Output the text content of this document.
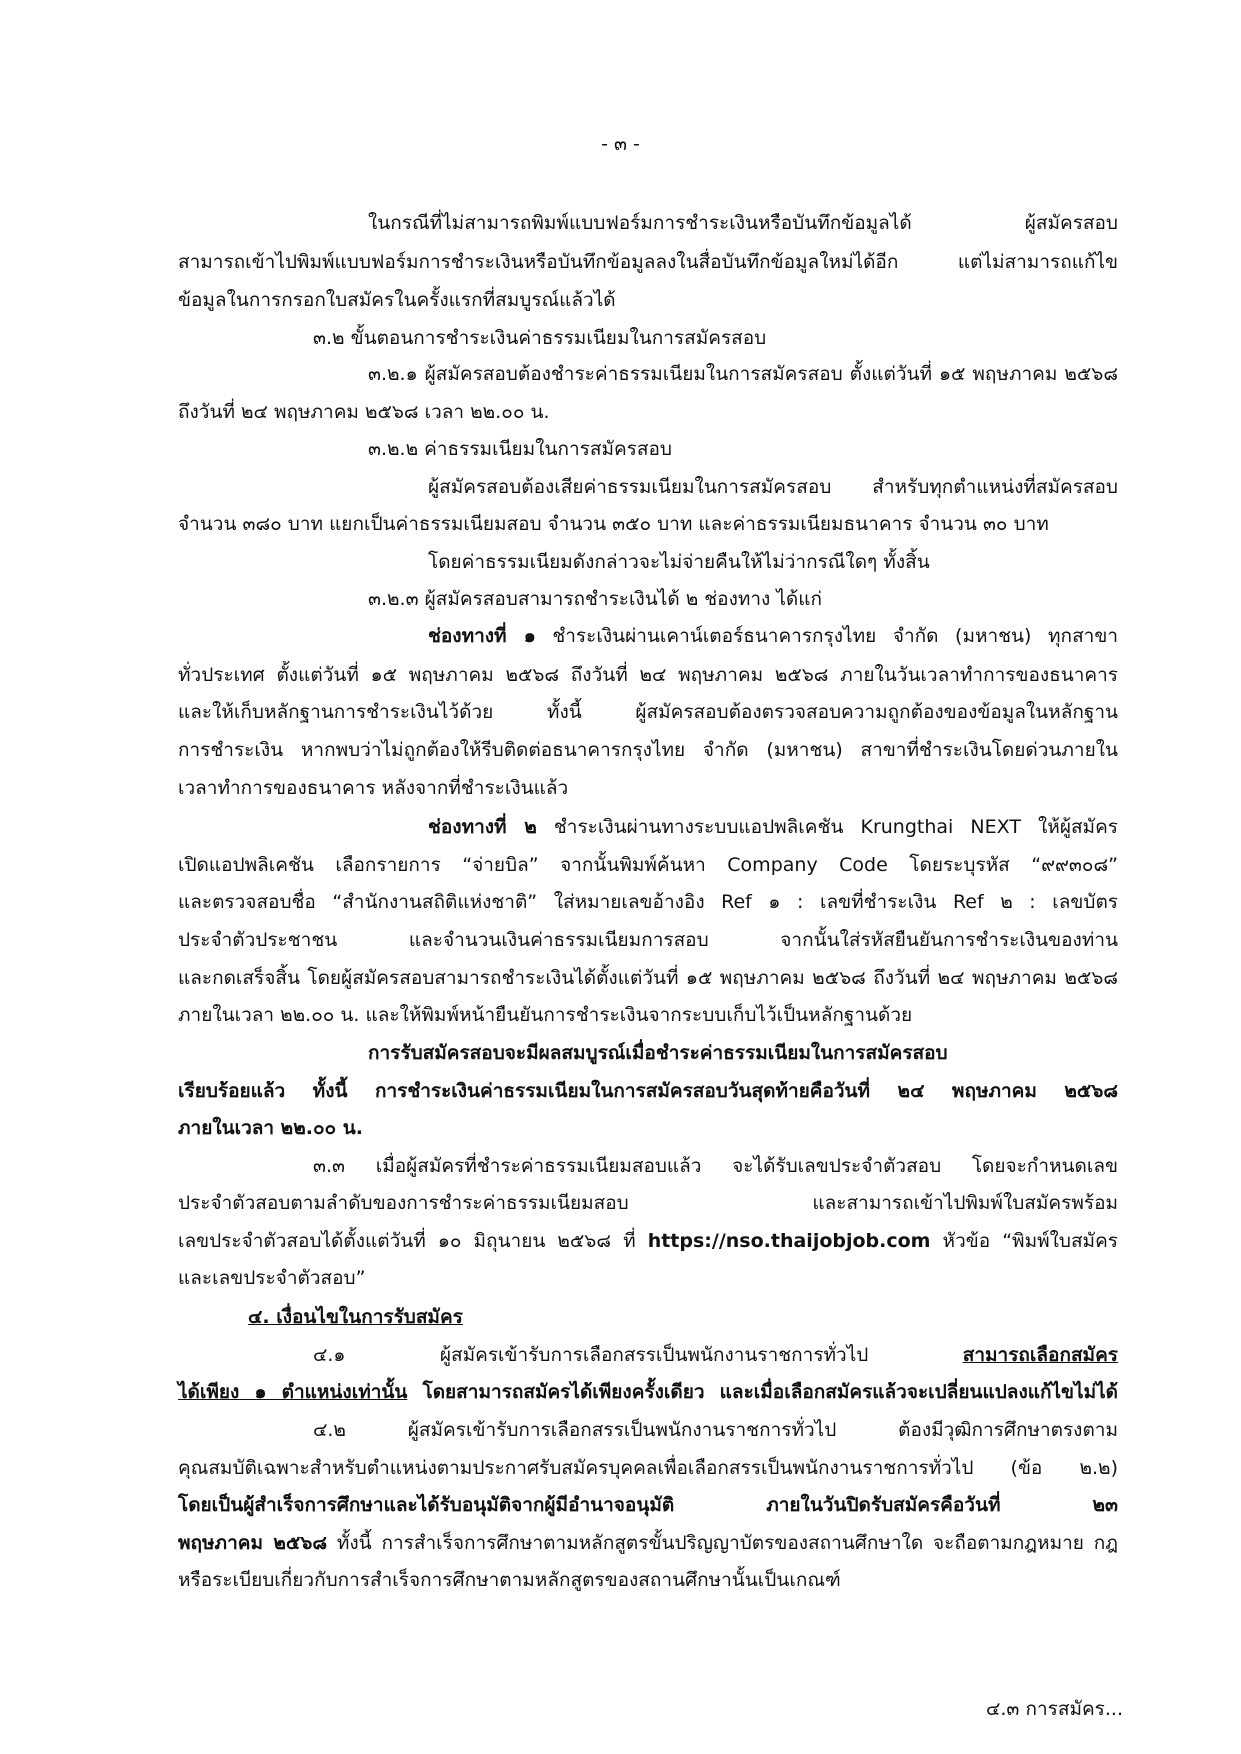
- ๓ -
ในกรณีที่ไม่สามารถพิมพ์แบบฟอร์มการชำระเงินหรือบันทึกข้อมูลได้ ผู้สมัครสอบ
สามารถเข้าไปพิมพ์แบบฟอร์มการชำระเงินหรือบันทึกข้อมูลลงในสื่อบันทึกข้อมูลใหม่ได้อีก แต่ไม่สามารถแก้ไข
ข้อมูลในการกรอกใบสมัครในครั้งแรกที่สมบูรณ์แล้วได้
๓.๒ ขั้นตอนการชำระเงินค่าธรรมเนียมในการสมัครสอบ
๓.๒.๑ ผู้สมัครสอบต้องชำระค่าธรรมเนียมในการสมัครสอบ ตั้งแต่วันที่ ๑๕ พฤษภาคม ๒๕๖๘
ถึงวันที่ ๒๔ พฤษภาคม ๒๕๖๘ เวลา ๒๒.๐๐ น.
๓.๒.๒ ค่าธรรมเนียมในการสมัครสอบ
ผู้สมัครสอบต้องเสียค่าธรรมเนียมในการสมัครสอบ สำหรับทุกตำแหน่งที่สมัครสอบ
จำนวน ๓๘๐ บาท แยกเป็นค่าธรรมเนียมสอบ จำนวน ๓๕๐ บาท และค่าธรรมเนียมธนาคาร จำนวน ๓๐ บาท
โดยค่าธรรมเนียมดังกล่าวจะไม่จ่ายคืนให้ไม่ว่ากรณีใดๆ ทั้งสิ้น
๓.๒.๓ ผู้สมัครสอบสามารถชำระเงินได้ ๒ ช่องทาง ได้แก่
ช่องทางที่ ๑ ชำระเงินผ่านเคาน์เตอร์ธนาคารกรุงไทย จำกัด (มหาชน) ทุกสาขา
ทั่วประเทศ ตั้งแต่วันที่ ๑๕ พฤษภาคม ๒๕๖๘ ถึงวันที่ ๒๔ พฤษภาคม ๒๕๖๘ ภายในวันเวลาทำการของธนาคาร
และให้เก็บหลักฐานการชำระเงินไว้ด้วย ทั้งนี้ ผู้สมัครสอบต้องตรวจสอบความถูกต้องของข้อมูลในหลักฐาน
การชำระเงิน หากพบว่าไม่ถูกต้องให้รีบติดต่อธนาคารกรุงไทย จำกัด (มหาชน) สาขาที่ชำระเงินโดยด่วนภายใน
เวลาทำการของธนาคาร หลังจากที่ชำระเงินแล้ว
ช่องทางที่ ๒ ชำระเงินผ่านทางระบบแอปพลิเคชัน Krungthai NEXT ให้ผู้สมัคร
เปิดแอปพลิเคชัน เลือกรายการ “จ่ายบิล” จากนั้นพิมพ์ค้นหา Company Code โดยระบุรหัส “๙๙๓๐๘”
และตรวจสอบชื่อ “สำนักงานสถิติแห่งชาติ” ใส่หมายเลขอ้างอิง Ref ๑ : เลขที่ชำระเงิน Ref ๒ : เลขบัตร
ประจำตัวประชาชน และจำนวนเงินค่าธรรมเนียมการสอบ จากนั้นใส่รหัสยืนยันการชำระเงินของท่าน
และกดเสร็จสิ้น โดยผู้สมัครสอบสามารถชำระเงินได้ตั้งแต่วันที่ ๑๕ พฤษภาคม ๒๕๖๘ ถึงวันที่ ๒๔ พฤษภาคม ๒๕๖๘
ภายในเวลา ๒๒.๐๐ น. และให้พิมพ์หน้ายืนยันการชำระเงินจากระบบเก็บไว้เป็นหลักฐานด้วย
การรับสมัครสอบจะมีผลสมบูรณ์เมื่อชำระค่าธรรมเนียมในการสมัครสอบ
เรียบร้อยแล้ว ทั้งนี้ การชำระเงินค่าธรรมเนียมในการสมัครสอบวันสุดท้ายคือวันที่ ๒๔ พฤษภาคม ๒๕๖๘
ภายในเวลา ๒๒.๐๐ น.
๓.๓ เมื่อผู้สมัครที่ชำระค่าธรรมเนียมสอบแล้ว จะได้รับเลขประจำตัวสอบ โดยจะกำหนดเลข
ประจำตัวสอบตามลำดับของการชำระค่าธรรมเนียมสอบ และสามารถเข้าไปพิมพ์ใบสมัครพร้อม
เลขประจำตัวสอบได้ตั้งแต่วันที่ ๑๐ มิถุนายน ๒๕๖๘ ที่ https://nso.thaijobjob.com หัวข้อ “พิมพ์ใบสมัคร
และเลขประจำตัวสอบ”
๔. เงื่อนไขในการรับสมัคร
๔.๑ ผู้สมัครเข้ารับการเลือกสรรเป็นพนักงานราชการทั่วไป สามารถเลือกสมัคร
ได้เพียง ๑ ตำแหน่งเท่านั้น โดยสามารถสมัครได้เพียงครั้งเดียว และเมื่อเลือกสมัครแล้วจะเปลี่ยนแปลงแก้ไขไม่ได้
๔.๒ ผู้สมัครเข้ารับการเลือกสรรเป็นพนักงานราชการทั่วไป ต้องมีวุฒิการศึกษาตรงตาม
คุณสมบัติเฉพาะสำหรับตำแหน่งตามประกาศรับสมัครบุคคลเพื่อเลือกสรรเป็นพนักงานราชการทั่วไป (ข้อ ๒.๒)
โดยเป็นผู้สำเร็จการศึกษาและได้รับอนุมัติจากผู้มีอำนาจอนุมัติ ภายในวันปิดรับสมัครคือวันที่ ๒๓
พฤษภาคม ๒๕๖๘ ทั้งนี้ การสำเร็จการศึกษาตามหลักสูตรขั้นปริญญาบัตรของสถานศึกษาใด จะถือตามกฎหมาย กฎ
หรือระเบียบเกี่ยวกับการสำเร็จการศึกษาตามหลักสูตรของสถานศึกษานั้นเป็นเกณฑ์
๔.๓ การสมัคร...
